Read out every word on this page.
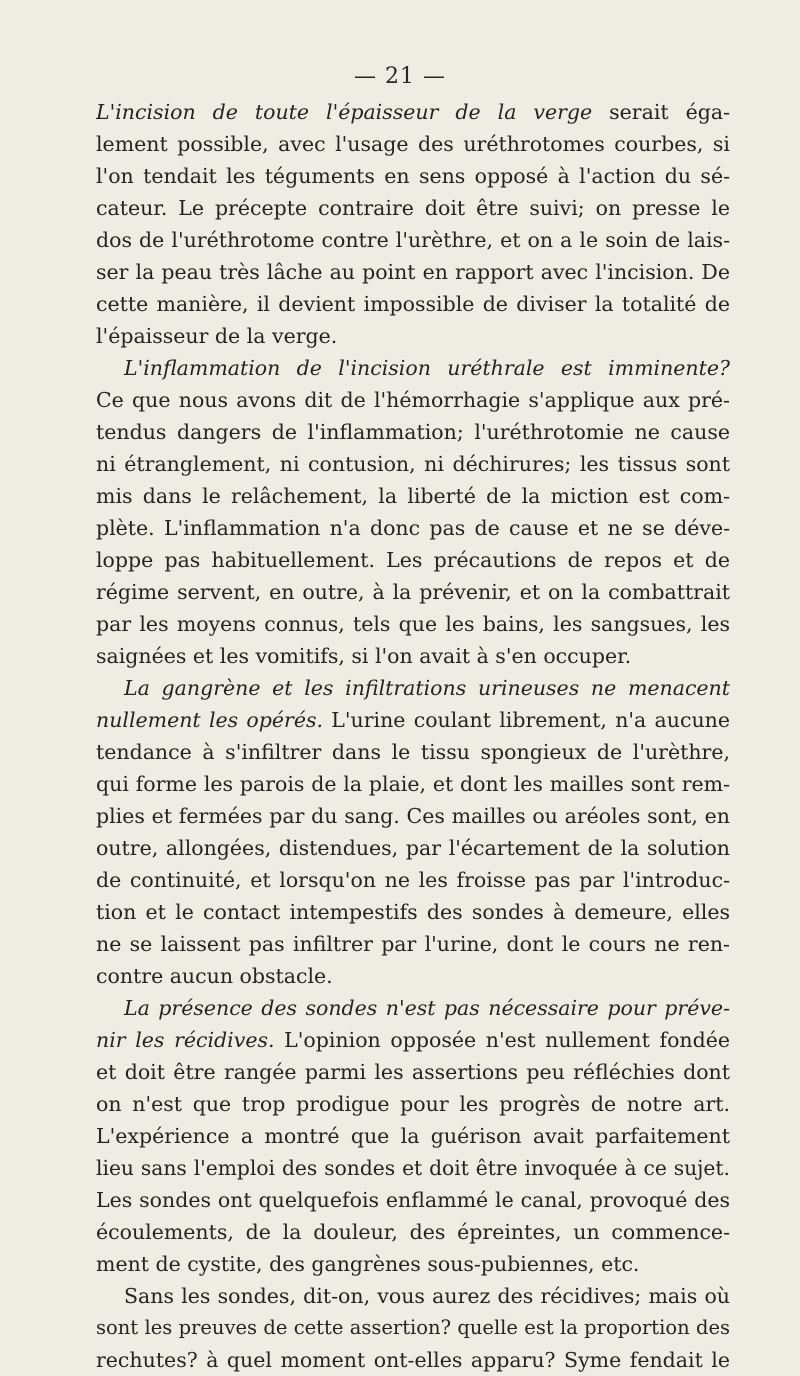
— 21 —
L'incision de toute l'épaisseur de la verge serait éga-
lement possible, avec l'usage des uréthrotomes courbes, si
l'on tendait les téguments en sens opposé à l'action du sé-
cateur. Le précepte contraire doit être suivi; on presse le
dos de l'uréthrotome contre l'urèthre, et on a le soin de lais-
ser la peau très lâche au point en rapport avec l'incision. De
cette manière, il devient impossible de diviser la totalité de
l'épaisseur de la verge.
L'inflammation de l'incision uréthrale est imminente?
Ce que nous avons dit de l'hémorrhagie s'applique aux pré-
tendus dangers de l'inflammation; l'uréthrotomie ne cause
ni étranglement, ni contusion, ni déchirures; les tissus sont
mis dans le relâchement, la liberté de la miction est com-
plète. L'inflammation n'a donc pas de cause et ne se déve-
loppe pas habituellement. Les précautions de repos et de
régime servent, en outre, à la prévenir, et on la combattrait
par les moyens connus, tels que les bains, les sangsues, les
saignées et les vomitifs, si l'on avait à s'en occuper.
La gangrène et les infiltrations urineuses ne menacent
nullement les opérés. L'urine coulant librement, n'a aucune
tendance à s'infiltrer dans le tissu spongieux de l'urèthre,
qui forme les parois de la plaie, et dont les mailles sont rem-
plies et fermées par du sang. Ces mailles ou aréoles sont, en
outre, allongées, distendues, par l'écartement de la solution
de continuité, et lorsqu'on ne les froisse pas par l'introduc-
tion et le contact intempestifs des sondes à demeure, elles
ne se laissent pas infiltrer par l'urine, dont le cours ne ren-
contre aucun obstacle.
La présence des sondes n'est pas nécessaire pour préve-
nir les récidives. L'opinion opposée n'est nullement fondée
et doit être rangée parmi les assertions peu réfléchies dont
on n'est que trop prodigue pour les progrès de notre art.
L'expérience a montré que la guérison avait parfaitement
lieu sans l'emploi des sondes et doit être invoquée à ce sujet.
Les sondes ont quelquefois enflammé le canal, provoqué des
écoulements, de la douleur, des épreintes, un commence-
ment de cystite, des gangrènes sous-pubiennes, etc.
Sans les sondes, dit-on, vous aurez des récidives; mais où
sont les preuves de cette assertion? quelle est la proportion des
rechutes? à quel moment ont-elles apparu? Syme fendait le
